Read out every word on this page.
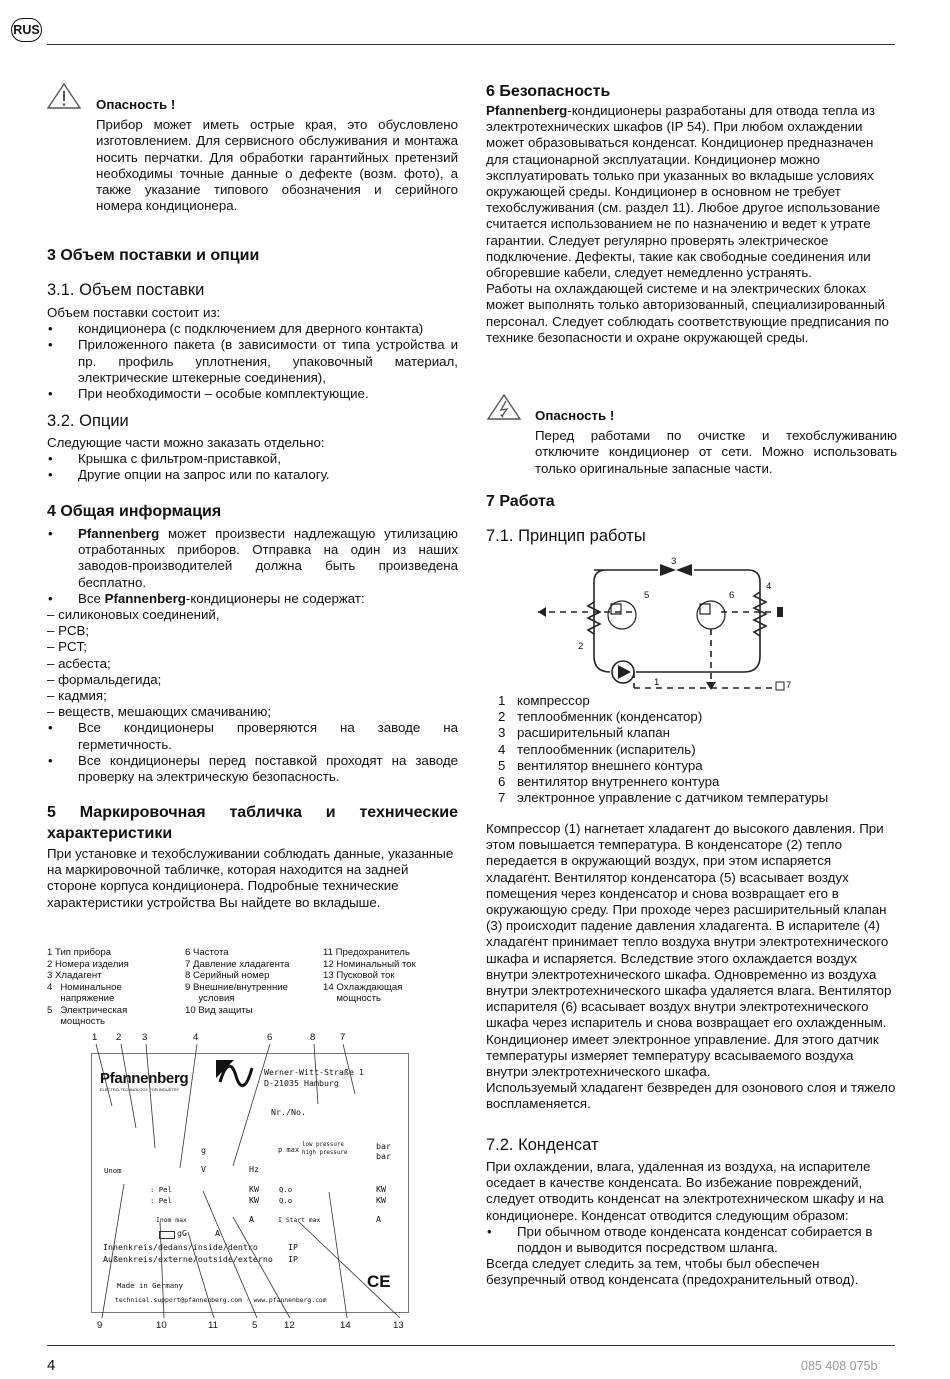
RUS

Опасность !

Прибор может иметь острые края, это обусловлено изготовлением. Для сервисного обслуживания и монтажа носить перчатки. Для обработки гарантийных претензий необходимы точные данные о дефекте (возм. фото), а также указание типового обозначения и серийного номера кондиционера.

3 Объем поставки и опции
3.1. Объем поставки

Объем поставки состоит из:

• кондиционера (с подключением для дверного контакта)
• Приложенного пакета (в зависимости от типа устройства и пр. профиль уплотнения, упаковочный материал, электрические штекерные соединения),
• При необходимости – особые комплектующие.
3.2. Опции

Следующие части можно заказать отдельно:

• Крышка с фильтром-приставкой,
• Другие опции на запрос или по каталогу.
4 Общая информация
• Pfannenberg может произвести надлежащую утилизацию отработанных приборов. Отправка на один из наших заводов-производителей должна быть произведена бесплатно.
• Все Pfannenberg-кондиционеры не содержат:
– силиконовых соединений,
– PCB;
– PCT;
– асбеста;
– формальдегида;
– кадмия;
– веществ, мешающих смачиванию;
• Все кондиционеры проверяются на заводе на герметичность.
• Все кондиционеры перед поставкой проходят на заводе проверку на электрическую безопасность.
5 Маркировочная табличка и технические
характеристики
При установке и техобслуживании соблюдать данные, указанные на маркировочной табличке, которая находится на задней стороне корпуса кондиционера. Подробные технические характеристики устройства Вы найдете во вкладыше.
1 Тип прибора
2 Номера изделия
3 Хладагент
4   Номинальное
напряжение
5   Электрическая
мощность
6 Частота
7 Давление хладагента
8 Серийный номер
9 Внешние/внутренние
условия
10 Вид защиты
11 Предохранитель
12 Номинальный ток
13 Пусковой ток
14 Охлаждающая
мощность
1 2 3	4	6	8	7
Pfannenberg
ELECTRO-TECHNOLOGY FOR INDUSTRY
Werner-Witt-Straße 1
D-21035 Hamburg
Nr./No.
g	p max
low pressure
high pressure
bar
bar
Unom	V	Hz
: Pel
: Pel
KW
KW
Q.o
Q.o
KW
KW
Inom max	A	I Start max	A
gG	A
Innenkreis/dedans/inside/dentro
Außenkreis/externe/outside/externo
IP
IP
Made in Germany
technical.support@pfannenberg.com · www.pfannenberg.com
CE
9	10	11	5	12	14	13
6 Безопасность

Pfannenberg-кондиционеры разработаны для отвода тепла из электротехнических шкафов (IP 54). При любом охлаждении может образовываться конденсат. Кондиционер предназначен для стационарной эксплуатации. Кондиционер можно эксплуатировать только при указанных во вкладыше условиях окружающей среды. Кондиционер в основном не требует техобслуживания (см. раздел 11). Любое другое использование считается использованием не по назначению и ведет к утрате гарантии. Следует регулярно проверять электрическое подключение. Дефекты, такие как свободные соединения или обгоревшие кабели, следует немедленно устранять.

Работы на охлаждающей системе и на электрических блоках может выполнять только авторизованный, специализированный персонал. Следует соблюдать соответствующие предписания по технике безопасности и охране окружающей среды.

Опасность !

Перед работами по очистке и техобслуживанию отключите кондиционер от сети. Можно использовать только оригинальные запасные части.

7 Работа
7.1. Принцип работы
1
2
3
4
5	6
7
1 компрессор
2 теплообменник (конденсатор)
3 расширительный клапан
4 теплообменник (испаритель)
5 вентилятор внешнего контура
6 вентилятор внутреннего контура
7 электронное управление с датчиком температуры

Компрессор (1) нагнетает хладагент до высокого давления. При этом повышается температура. В конденсаторе (2) тепло передается в окружающий воздух, при этом испаряется хладагент. Вентилятор конденсатора (5) всасывает воздух помещения через конденсатор и снова возвращает его в окружающую среду. При проходе через расширительный клапан (3) происходит падение давления хладагента. В испарителе (4) хладагент принимает тепло воздуха внутри электротехнического шкафа и испаряется. Вследствие этого охлаждается воздух внутри электротехнического шкафа. Одновременно из воздуха внутри электротехнического шкафа удаляется влага. Вентилятор испарителя (6) всасывает воздух внутри электротехнического шкафа через испаритель и снова возвращает его охлажденным.

Кондиционер имеет электронное управление. Для этого датчик температуры измеряет температуру всасываемого воздуха внутри электротехнического шкафа.

Используемый хладагент безвреден для озонового слоя и тяжело воспламеняется.

7.2. Конденсат

При охлаждении, влага, удаленная из воздуха, на испарителе оседает в качестве конденсата. Во избежание повреждений, следует отводить конденсат на электротехническом шкафу и на кондиционере. Конденсат отводится следующим образом:

• При обычном отводе конденсата конденсат собирается в поддон и выводится посредством шланга.

Всегда следует следить за тем, чтобы был обеспечен безупречный отвод конденсата (предохранительный отвод).

4	085 408 075b
